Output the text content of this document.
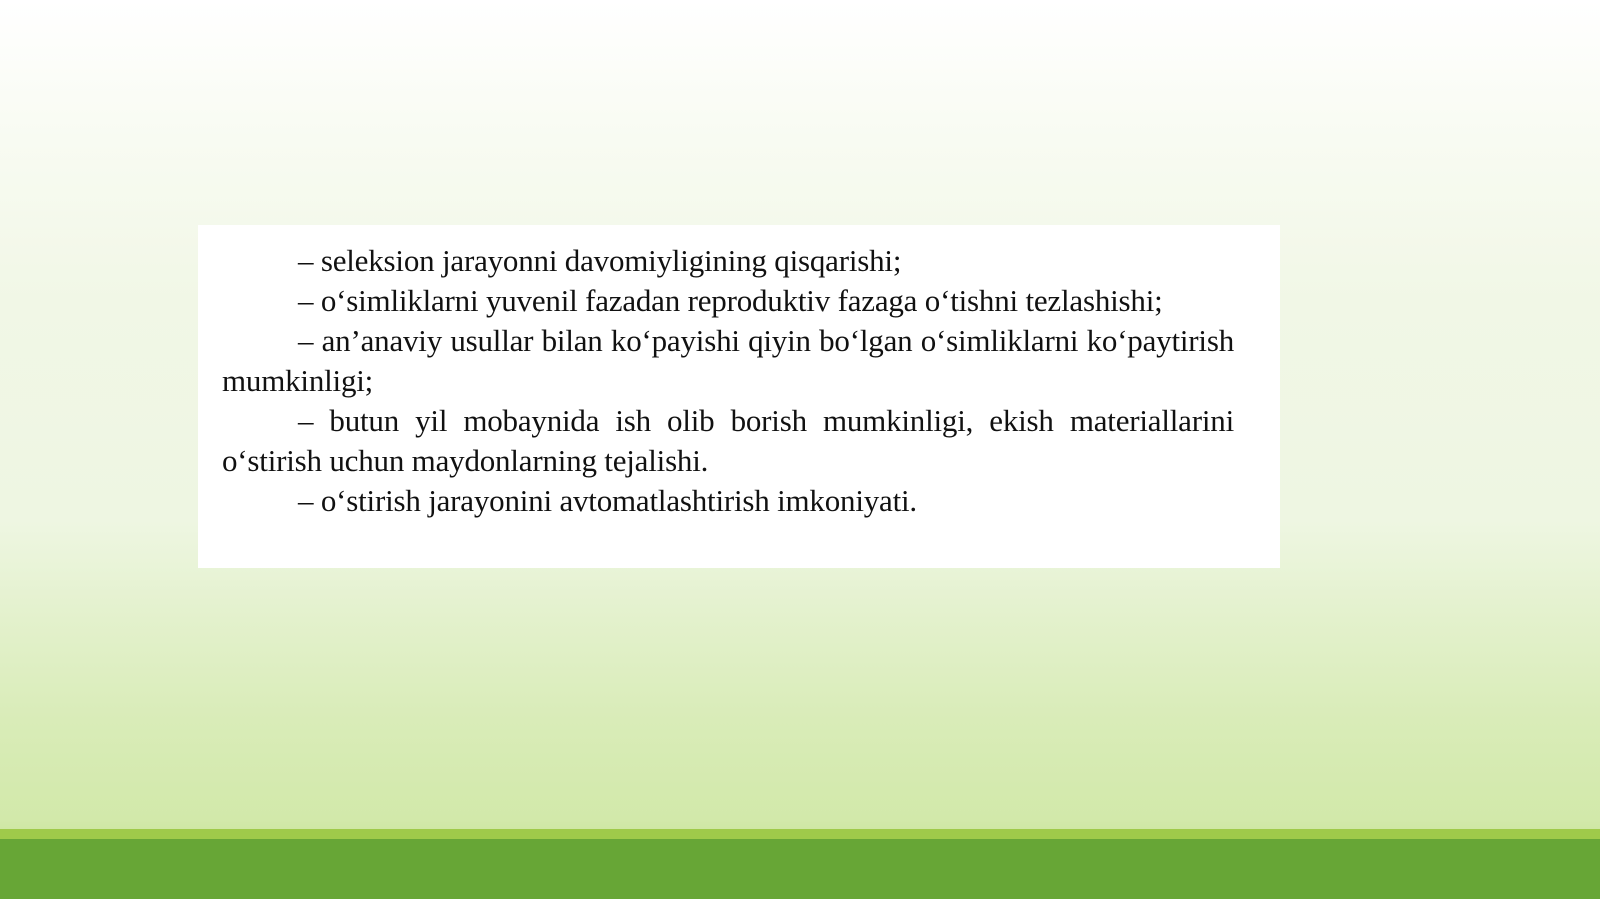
– seleksion jarayonni davomiyligining qisqarishi;

– o‘simliklarni yuvenil fazadan reproduktiv fazaga o‘tishni tezlashishi;

– an’anaviy usullar bilan ko‘payishi qiyin bo‘lgan o‘simliklarni ko‘paytirish mumkinligi;

– butun yil mobaynida ish olib borish mumkinligi, ekish materiallarini o‘stirish uchun maydonlarning tejalishi.

– o‘stirish jarayonini avtomatlashtirish imkoniyati.
